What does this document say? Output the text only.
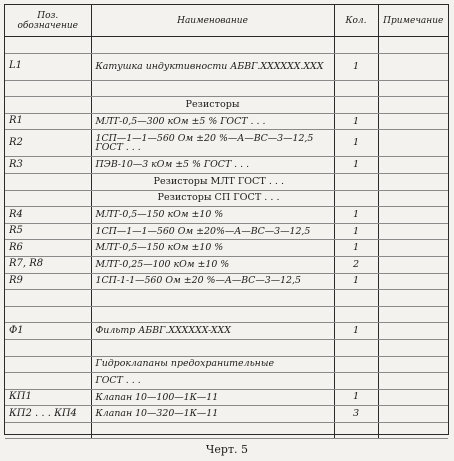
Поз. обозначение	Наименование	Кол.	Примечание

L1	Катушка индуктивности АБВГ.XXXXXX.XXX	1	

	Резисторы		
R1	МЛТ-0,5—300 кОм ±5 % ГОСТ . . .	1	
R2	1СП—1—1—560 Ом ±20 %—А—ВС—3—12,5 ГОСТ . . .	1	
R3	ПЭВ-10—3 кОм ±5 % ГОСТ . . .	1	
	Резисторы МЛТ ГОСТ . . .		
	Резисторы СП ГОСТ . . .		
R4	МЛТ-0,5—150 кОм ±10 %	1	
R5	1СП—1—1—560 Ом ±20%—А—ВС—3—12,5	1	
R6	МЛТ-0,5—150 кОм ±10 %	1	
R7, R8	МЛТ-0,25—100 кОм ±10 %	2	
R9	1СП-1-1—560 Ом ±20 %—А—ВС—3—12,5	1	

Ф1	Фильтр АБВГ.XXXXXX-XXX	1	

	Гидроклапаны предохранительные		
	ГОСТ . . .		
КП1	Клапан 10—100—1К—11	1	
КП2 . . . КП4	Клапан 10—320—1К—11	3	

Черт. 5
